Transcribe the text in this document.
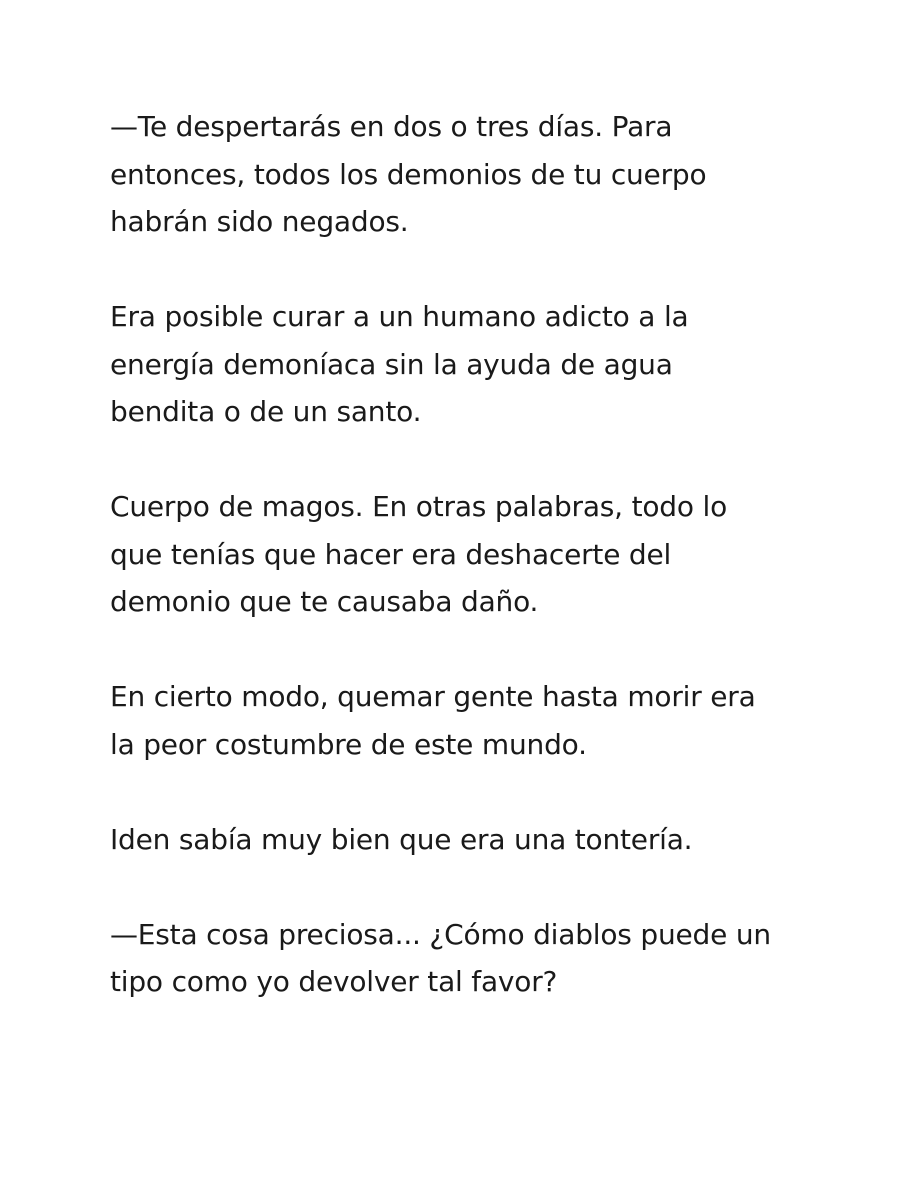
—Te despertarás en dos o tres días. Para
entonces, todos los demonios de tu cuerpo
habrán sido negados.

Era posible curar a un humano adicto a la
energía demoníaca sin la ayuda de agua
bendita o de un santo.

Cuerpo de magos. En otras palabras, todo lo
que tenías que hacer era deshacerte del
demonio que te causaba daño.

En cierto modo, quemar gente hasta morir era
la peor costumbre de este mundo.

Iden sabía muy bien que era una tontería.

—Esta cosa preciosa... ¿Cómo diablos puede un
tipo como yo devolver tal favor?
